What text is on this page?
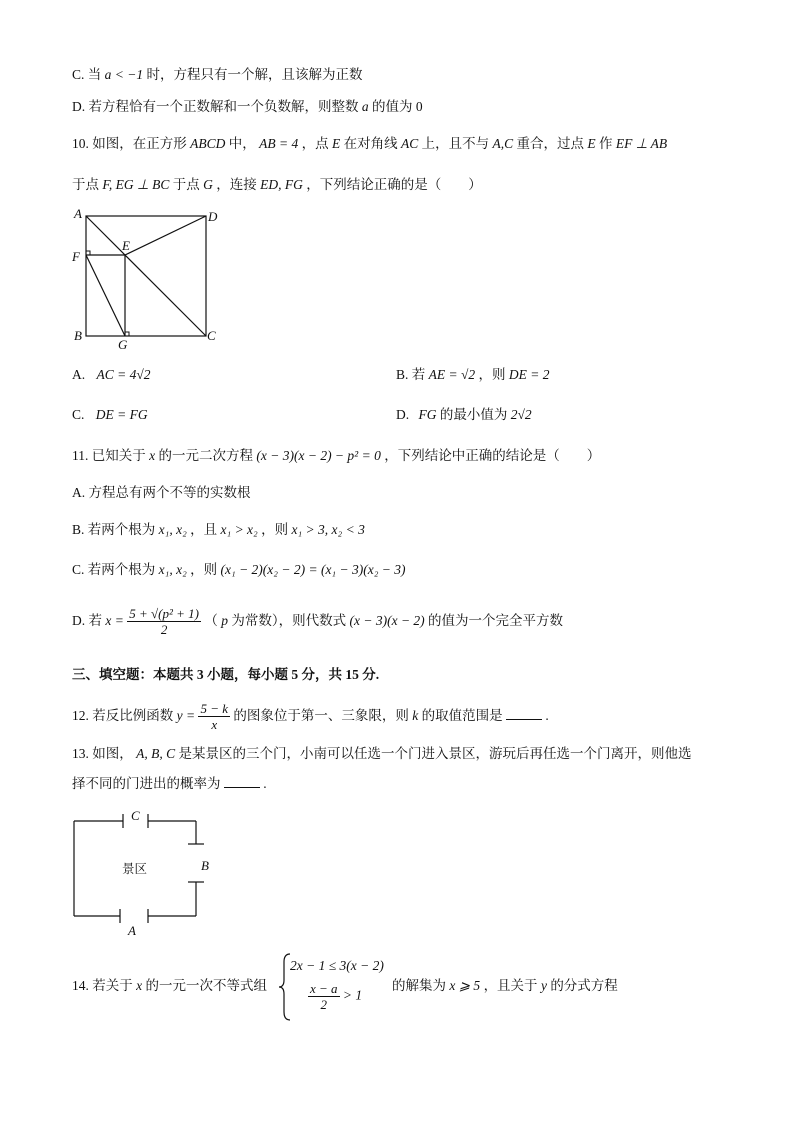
C. 当 a < −1 时，方程只有一个解，且该解为正数
D. 若方程恰有一个正数解和一个负数解，则整数 a 的值为 0
10. 如图，在正方形 ABCD 中， AB = 4 ，点 E 在对角线 AC 上，且不与 A,C 重合，过点 E 作 EF ⊥ AB
于点 F, EG ⊥ BC 于点 G ，连接 ED, FG ，下列结论正确的是（　　）
A	D
F
E
B
G
C
A. AC = 4√2	B. 若 AE = √2 ，则 DE = 2
C. DE = FG	D. FG 的最小值为 2√2
11. 已知关于 x 的一元二次方程 (x − 3)(x − 2) − p² = 0 ，下列结论中正确的结论是（　　）
A. 方程总有两个不等的实数根
B. 若两个根为 x₁, x₂ ，且 x₁ > x₂ ，则 x₁ > 3, x₂ < 3
C. 若两个根为 x₁, x₂ ，则 (x₁ − 2)(x₂ − 2) = (x₁ − 3)(x₂ − 3)
D. 若 $x = \frac{\text{5 + √(p² + 1)}}{2}$ （ p 为常数），则代数式 (x − 3)(x − 2) 的值为一个完全平方数
三、填空题：本题共 3 小题，每小题 5 分，共 15 分.
12. 若反比例函数 $y = \frac{5 - k}{x}$ 的图象位于第一、三象限，则 k 的取值范围是	.
13. 如图， A, B, C 是某景区的三个门，小南可以任选一个门进入景区，游玩后再任选一个门离开，则他选
择不同的门进出的概率为	.
C
B
A
景区
14. 若关于 x 的一元一次不等式组
2x − 1 ≤ 3(x − 2)
$\frac{x - a}{2} > 1$
的解集为 x ⩾ 5 ，且关于 y 的分式方程
